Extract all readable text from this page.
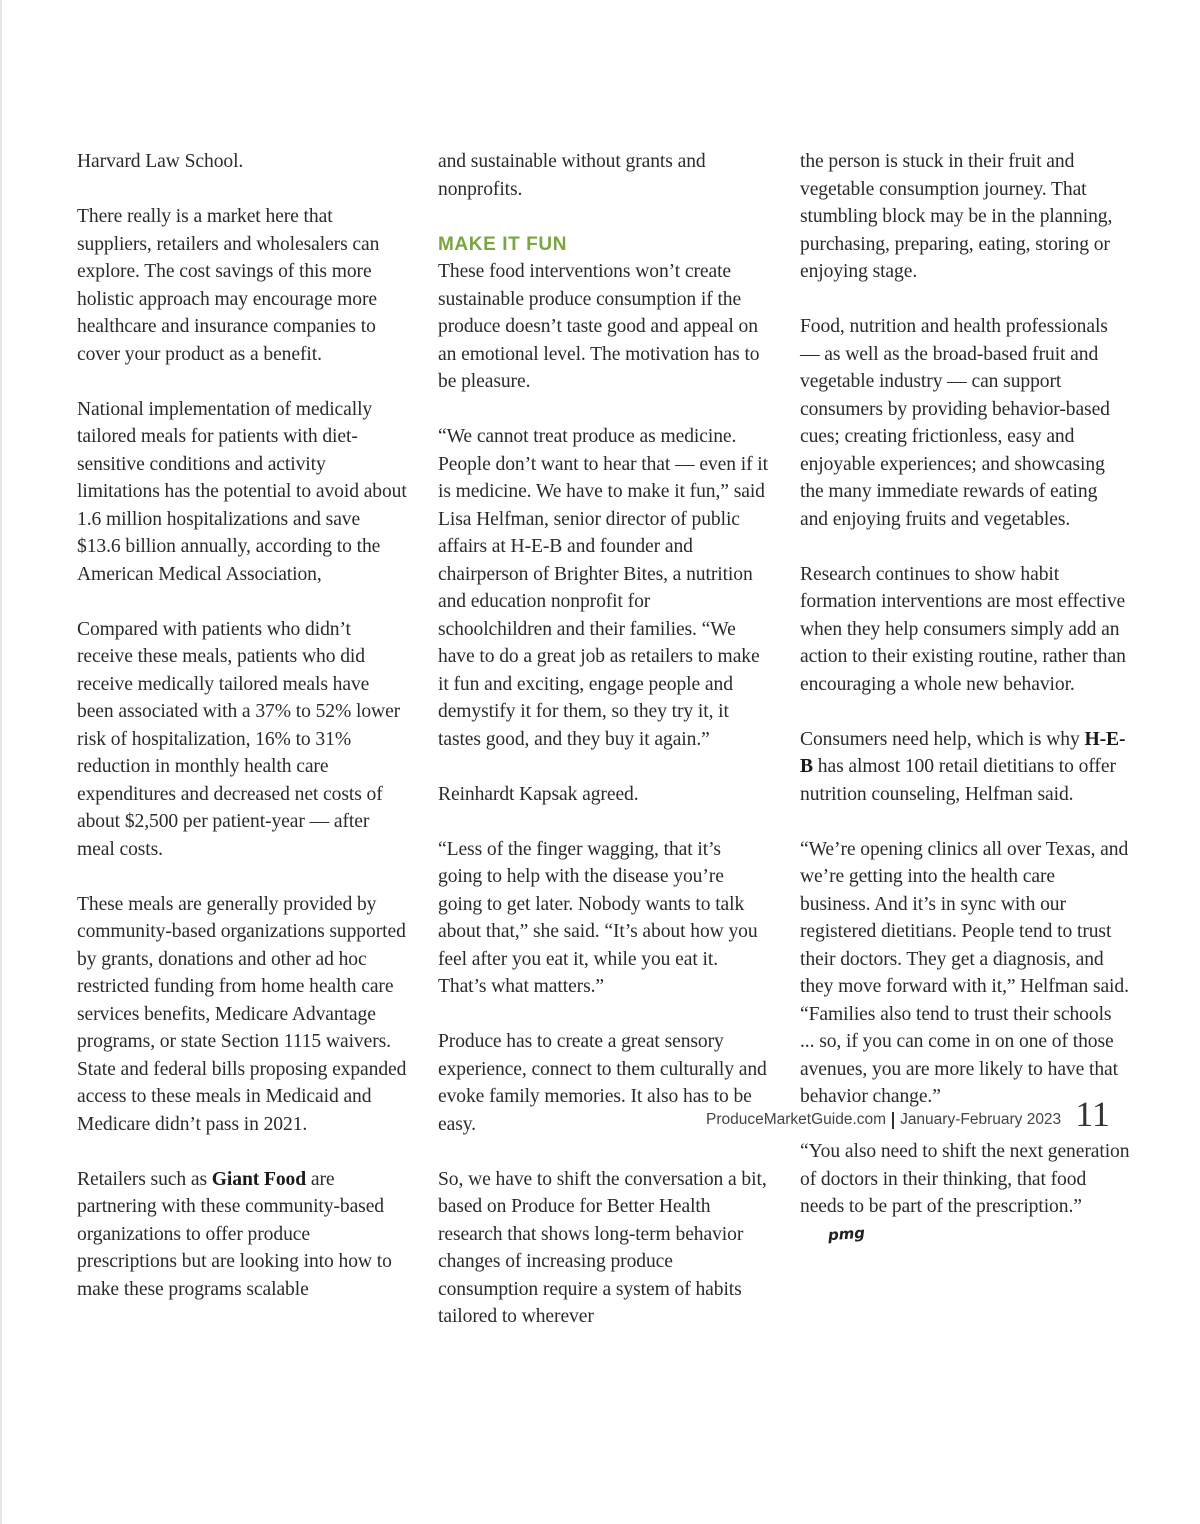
Harvard Law School.

There really is a market here that suppliers, retailers and wholesalers can explore. The cost savings of this more holistic approach may encourage more healthcare and insurance companies to cover your product as a benefit.

National implementation of medically tailored meals for patients with diet-sensitive conditions and activity limitations has the potential to avoid about 1.6 million hospitalizations and save $13.6 billion annually, according to the American Medical Association,

Compared with patients who didn’t receive these meals, patients who did receive medically tailored meals have been associated with a 37% to 52% lower risk of hospitalization, 16% to 31% reduction in monthly health care expenditures and decreased net costs of about $2,500 per patient-year — after meal costs.

These meals are generally provided by community-based organizations supported by grants, donations and other ad hoc restricted funding from home health care services benefits, Medicare Advantage programs, or state Section 1115 waivers. State and federal bills proposing expanded access to these meals in Medicaid and Medicare didn’t pass in 2021.

Retailers such as Giant Food are partnering with these community-based organizations to offer produce prescriptions but are looking into how to make these programs scalable

and sustainable without grants and nonprofits.

MAKE IT FUN

These food interventions won’t create sustainable produce consumption if the produce doesn’t taste good and appeal on an emotional level. The motivation has to be pleasure.

“We cannot treat produce as medicine. People don’t want to hear that — even if it is medicine. We have to make it fun,” said Lisa Helfman, senior director of public affairs at H-E-B and founder and chairperson of Brighter Bites, a nutrition and education nonprofit for schoolchildren and their families. “We have to do a great job as retailers to make it fun and exciting, engage people and demystify it for them, so they try it, it tastes good, and they buy it again.”

Reinhardt Kapsak agreed.

“Less of the finger wagging, that it’s going to help with the disease you’re going to get later. Nobody wants to talk about that,” she said. “It’s about how you feel after you eat it, while you eat it. That’s what matters.”

Produce has to create a great sensory experience, connect to them culturally and evoke family memories. It also has to be easy.

So, we have to shift the conversation a bit, based on Produce for Better Health research that shows long-term behavior changes of increasing produce consumption require a system of habits tailored to wherever

the person is stuck in their fruit and vegetable consumption journey. That stumbling block may be in the planning, purchasing, preparing, eating, storing or enjoying stage.

Food, nutrition and health professionals — as well as the broad-based fruit and vegetable industry — can support consumers by providing behavior-based cues; creating frictionless, easy and enjoyable experiences; and showcasing the many immediate rewards of eating and enjoying fruits and vegetables.

Research continues to show habit formation interventions are most effective when they help consumers simply add an action to their existing routine, rather than encouraging a whole new behavior.

Consumers need help, which is why H-E-B has almost 100 retail dietitians to offer nutrition counseling, Helfman said.

“We’re opening clinics all over Texas, and we’re getting into the health care business. And it’s in sync with our registered dietitians. People tend to trust their doctors. They get a diagnosis, and they move forward with it,” Helfman said. “Families also tend to trust their schools ... so, if you can come in on one of those avenues, you are more likely to have that behavior change.”

“You also need to shift the next generation of doctors in their thinking, that food needs to be part of the prescription.”pmg

ProduceMarketGuide.com January-February 2023 11
